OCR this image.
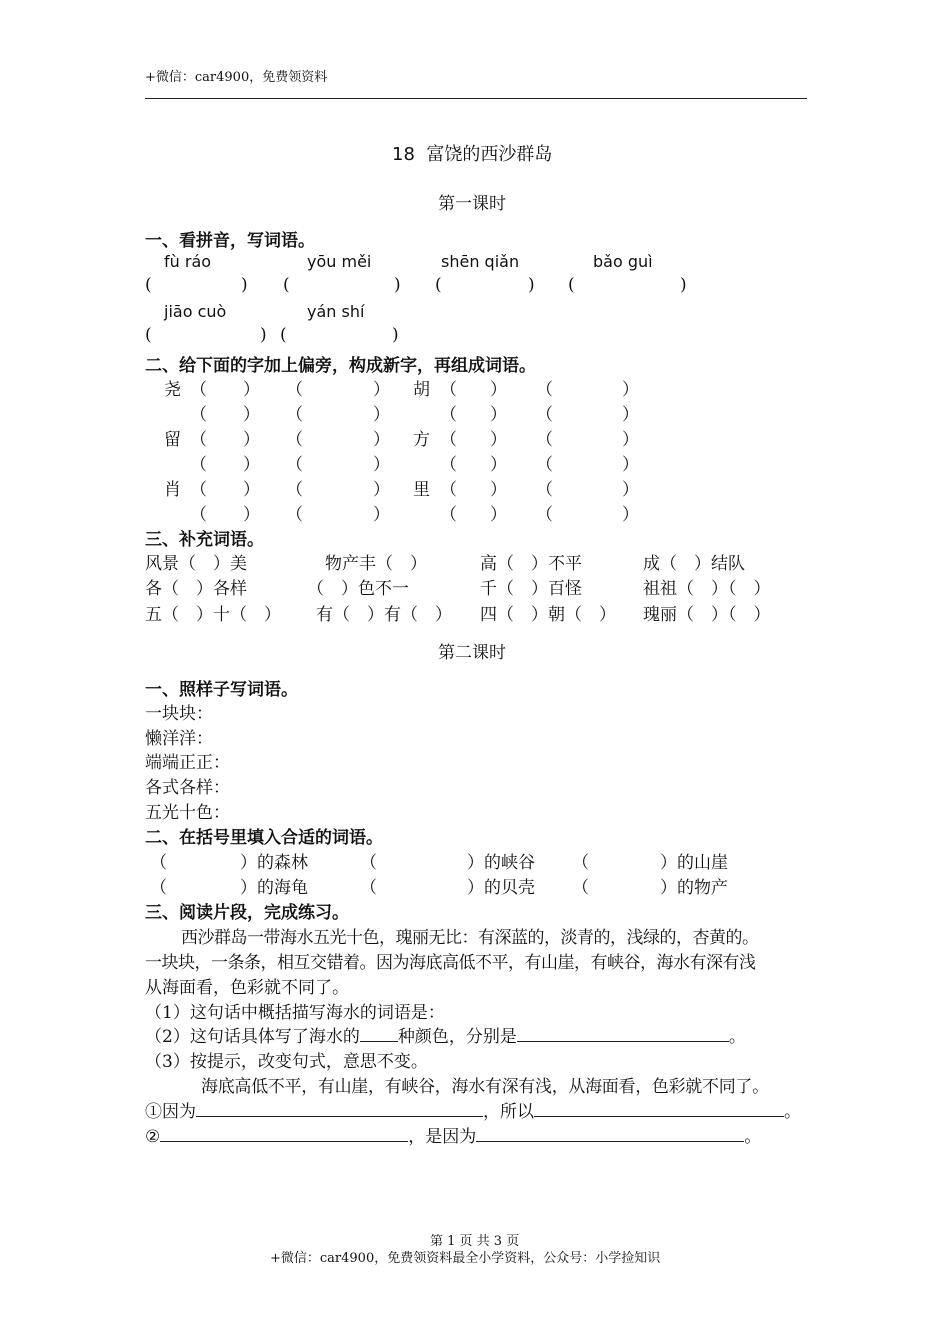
+微信：car4900，免费领资料
18  富饶的西沙群岛
第一课时
一、看拼音，写词语。
fù ráo	yōu měi	shēn qiǎn	bǎo guì
(	) (	) (	) (	)
jiāo cuò	yán shí
(	) (	)
二、给下面的字加上偏旁，构成新字，再组成词语。
尧 （ ） （	） 胡 （ ） （	）
（ ） （	）	（ ） （	）
留 （ ） （	） 方 （ ） （	）
（ ） （	）	（ ） （	）
肖 （ ） （	） 里 （ ） （	）
（ ） （	）	（ ） （	）
三、补充词语。
风景（　）美	物产丰（　）	高（　）不平	成（　）结队
各（　）各样	（　）色不一	千（　）百怪	祖祖（　）（　）
五（　）十（　） 有（　）有（　） 四（　）朝（　） 瑰丽（　）（　）
第二课时
一、照样子写词语。
一块块：
懒洋洋：
端端正正：
各式各样：
五光十色：
二、在括号里填入合适的词语。
（	）的森林	（	）的峡谷 （	）的山崖
（	）的海龟	（	）的贝壳 （	）的物产
三、阅读片段，完成练习。
西沙群岛一带海水五光十色，瑰丽无比：有深蓝的，淡青的，浅绿的，杏黄的。
一块块，一条条，相互交错着。因为海底高低不平，有山崖，有峡谷，海水有深有浅
从海面看，色彩就不同了。
（1）这句话中概括描写海水的词语是：
（2）这句话具体写了海水的 种颜色，分别是	。
（3）按提示，改变句式，意思不变。
海底高低不平，有山崖，有峡谷，海水有深有浅，从海面看，色彩就不同了。
①因为	，所以	。
②	，是因为	。
第 1 页 共 3 页
+微信：car4900，免费领资料最全小学资料，公众号：小学捡知识
